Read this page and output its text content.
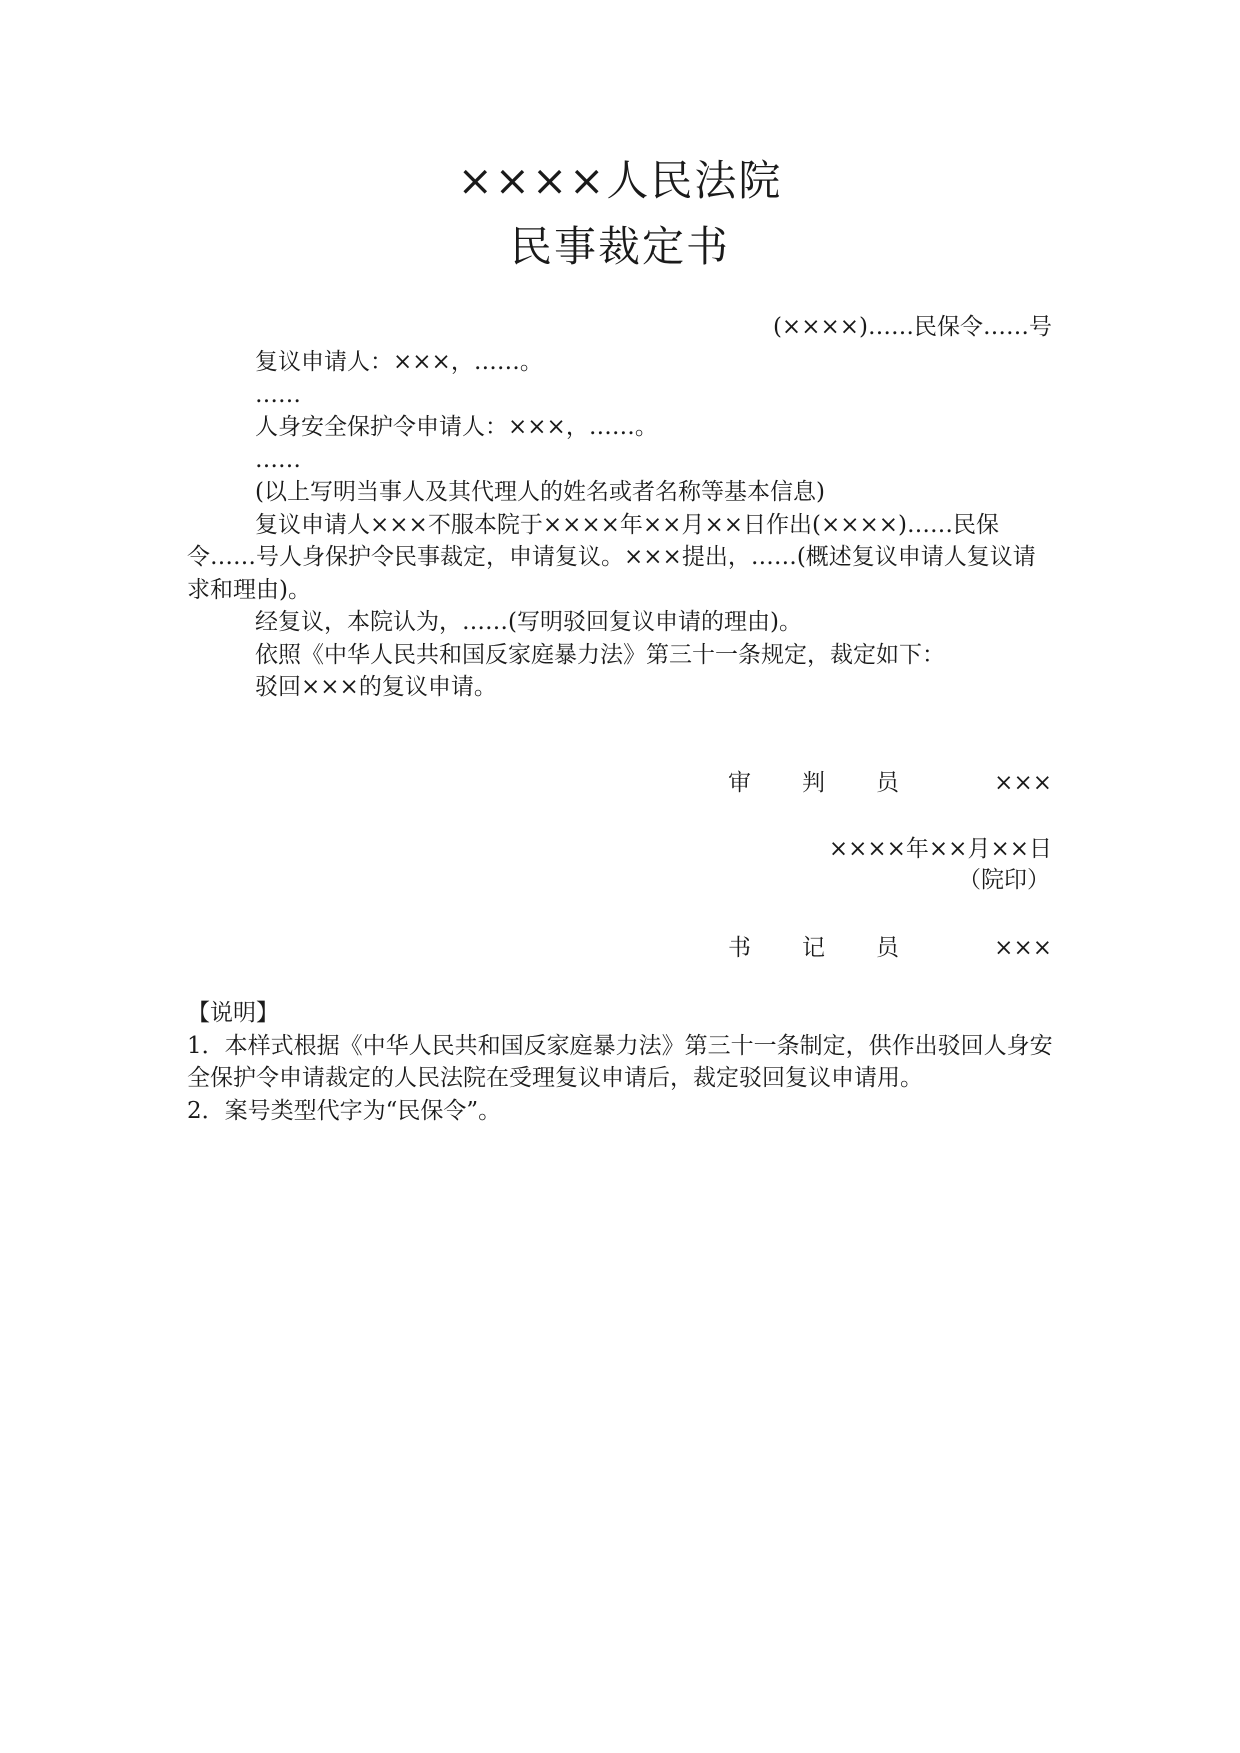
××××人民法院
民事裁定书
(××××)……民保令……号

复议申请人：×××，……。

……

人身安全保护令申请人：×××，……。

……

(以上写明当事人及其代理人的姓名或者名称等基本信息)

复议申请人×××不服本院于××××年××月××日作出(××××)……民保令……号人身保护令民事裁定，申请复议。×××提出，……(概述复议申请人复议请求和理由)。

经复议，本院认为，……(写明驳回复议申请的理由)。

依照《中华人民共和国反家庭暴力法》第三十一条规定，裁定如下：

驳回×××的复议申请。

审 判 员	×××
××××年××月××日
（院印）
书 记 员	×××

【说明】

1．本样式根据《中华人民共和国反家庭暴力法》第三十一条制定，供作出驳回人身安全保护令申请裁定的人民法院在受理复议申请后，裁定驳回复议申请用。

2．案号类型代字为“民保令”。
